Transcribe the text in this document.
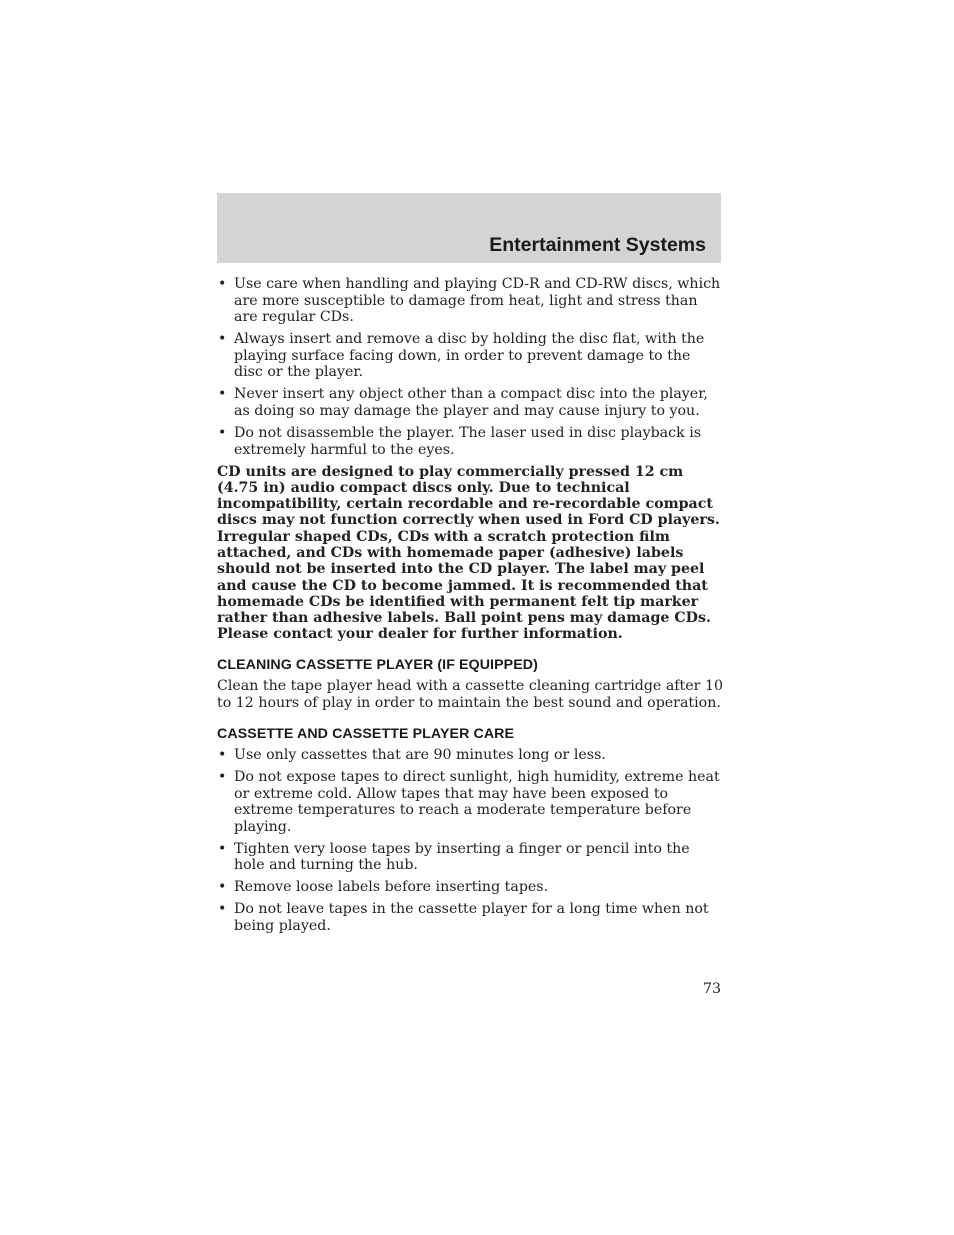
Entertainment Systems
• Use care when handling and playing CD-R and CD-RW discs, which are more susceptible to damage from heat, light and stress than are regular CDs.
• Always insert and remove a disc by holding the disc flat, with the playing surface facing down, in order to prevent damage to the disc or the player.
• Never insert any object other than a compact disc into the player, as doing so may damage the player and may cause injury to you.
• Do not disassemble the player. The laser used in disc playback is extremely harmful to the eyes.

CD units are designed to play commercially pressed 12 cm (4.75 in) audio compact discs only. Due to technical incompatibility, certain recordable and re-recordable compact discs may not function correctly when used in Ford CD players. Irregular shaped CDs, CDs with a scratch protection film attached, and CDs with homemade paper (adhesive) labels should not be inserted into the CD player. The label may peel and cause the CD to become jammed. It is recommended that homemade CDs be identified with permanent felt tip marker rather than adhesive labels. Ball point pens may damage CDs. Please contact your dealer for further information.

CLEANING CASSETTE PLAYER (IF EQUIPPED)

Clean the tape player head with a cassette cleaning cartridge after 10 to 12 hours of play in order to maintain the best sound and operation.

CASSETTE AND CASSETTE PLAYER CARE
• Use only cassettes that are 90 minutes long or less.
• Do not expose tapes to direct sunlight, high humidity, extreme heat or extreme cold. Allow tapes that may have been exposed to extreme temperatures to reach a moderate temperature before playing.
• Tighten very loose tapes by inserting a finger or pencil into the hole and turning the hub.
• Remove loose labels before inserting tapes.
• Do not leave tapes in the cassette player for a long time when not being played.
73
